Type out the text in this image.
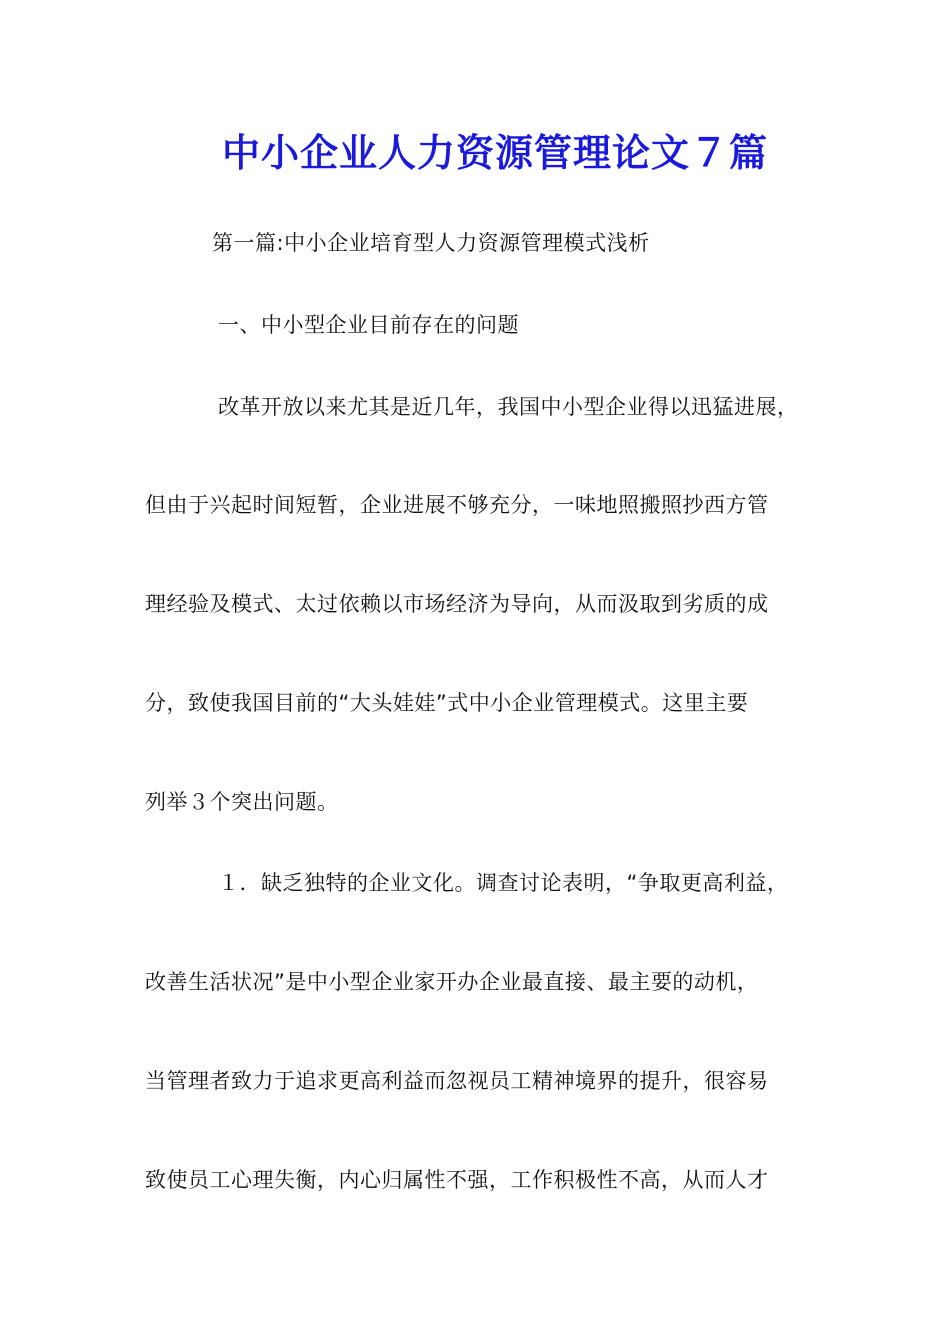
中小企业人力资源管理论文７篇

第一篇:中小企业培育型人力资源管理模式浅析

一、中小型企业目前存在的问题

改革开放以来尤其是近几年，我国中小型企业得以迅猛进展，

但由于兴起时间短暂，企业进展不够充分，一味地照搬照抄西方管

理经验及模式、太过依赖以市场经济为导向，从而汲取到劣质的成

分，致使我国目前的“大头娃娃”式中小企业管理模式。这里主要

列举３个突出问题。

１．缺乏独特的企业文化。调查讨论表明，“争取更高利益，

改善生活状况”是中小型企业家开办企业最直接、最主要的动机，

当管理者致力于追求更高利益而忽视员工精神境界的提升，很容易

致使员工心理失衡，内心归属性不强，工作积极性不高，从而人才
